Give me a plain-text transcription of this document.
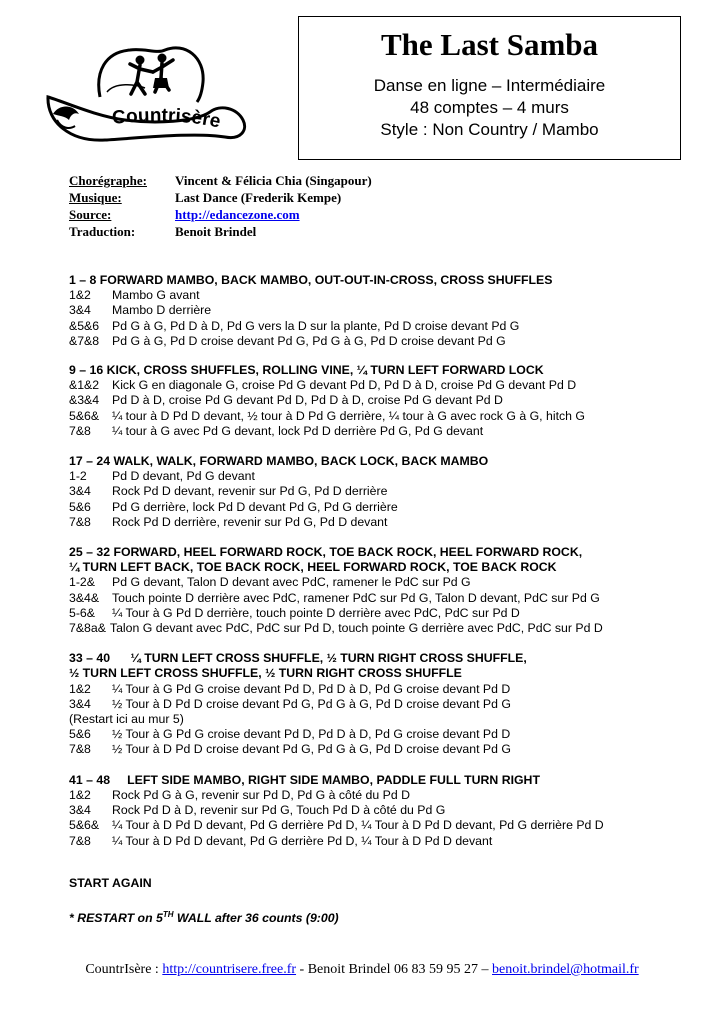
Countrisère
The Last Samba
Danse en ligne – Intermédiaire
48 comptes – 4 murs
Style : Non Country / Mambo
Chorégraphe: Vincent & Félicia Chia (Singapour)
Musique:	Last Dance (Frederik Kempe)
Source:	http://edancezone.com
Traduction:	Benoit Brindel
1 – 8 FORWARD MAMBO, BACK MAMBO, OUT-OUT-IN-CROSS, CROSS SHUFFLES
1&2 Mambo G avant
3&4 Mambo D derrière
&5&6 Pd G à G, Pd D à D, Pd G vers la D sur la plante, Pd D croise devant Pd G
&7&8 Pd G à G, Pd D croise devant Pd G, Pd G à G, Pd D croise devant Pd G
9 – 16 KICK, CROSS SHUFFLES, ROLLING VINE, ¼ TURN LEFT FORWARD LOCK
&1&2 Kick G en diagonale G, croise Pd G devant Pd D, Pd D à D, croise Pd G devant Pd D
&3&4 Pd D à D, croise Pd G devant Pd D, Pd D à D, croise Pd G devant Pd D
5&6& ¼ tour à D Pd D devant, ½ tour à D Pd G derrière, ¼ tour à G avec rock G à G, hitch G
7&8 ¼ tour à G avec Pd G devant, lock Pd D derrière Pd G, Pd G devant
17 – 24 WALK, WALK, FORWARD MAMBO, BACK LOCK, BACK MAMBO
1-2 Pd D devant, Pd G devant
3&4 Rock Pd D devant, revenir sur Pd G, Pd D derrière
5&6 Pd G derrière, lock Pd D devant Pd G, Pd G derrière
7&8 Rock Pd D derrière, revenir sur Pd G, Pd D devant
25 – 32 FORWARD, HEEL FORWARD ROCK, TOE BACK ROCK, HEEL FORWARD ROCK,
¼ TURN LEFT BACK, TOE BACK ROCK, HEEL FORWARD ROCK, TOE BACK ROCK
1-2& Pd G devant, Talon D devant avec PdC, ramener le PdC sur Pd G
3&4& Touch pointe D derrière avec PdC, ramener PdC sur Pd G, Talon D devant, PdC sur Pd G
5-6& ¼ Tour à G Pd D derrière, touch pointe D derrière avec PdC, PdC sur Pd D
7&8a& Talon G devant avec PdC, PdC sur Pd D, touch pointe G derrière avec PdC, PdC sur Pd D
33 – 40      ¼ TURN LEFT CROSS SHUFFLE, ½ TURN RIGHT CROSS SHUFFLE,
½ TURN LEFT CROSS SHUFFLE, ½ TURN RIGHT CROSS SHUFFLE
1&2 ¼ Tour à G Pd G croise devant Pd D, Pd D à D, Pd G croise devant Pd D
3&4 ½ Tour à D Pd D croise devant Pd G, Pd G à G, Pd D croise devant Pd G
(Restart ici au mur 5)
5&6 ½ Tour à G Pd G croise devant Pd D, Pd D à D, Pd G croise devant Pd D
7&8 ½ Tour à D Pd D croise devant Pd G, Pd G à G, Pd D croise devant Pd G
41 – 48     LEFT SIDE MAMBO, RIGHT SIDE MAMBO, PADDLE FULL TURN RIGHT
1&2 Rock Pd G à G, revenir sur Pd D, Pd G à côté du Pd D
3&4 Rock Pd D à D, revenir sur Pd G, Touch Pd D à côté du Pd G
5&6& ¼ Tour à D Pd D devant, Pd G derrière Pd D, ¼ Tour à D Pd D devant, Pd G derrière Pd D
7&8 ¼ Tour à D Pd D devant, Pd G derrière Pd D, ¼ Tour à D Pd D devant
START AGAIN
* RESTART on 5TH WALL after 36 counts (9:00)
CountrIsère : http://countrisere.free.fr - Benoit Brindel 06 83 59 95 27 – benoit.brindel@hotmail.fr
